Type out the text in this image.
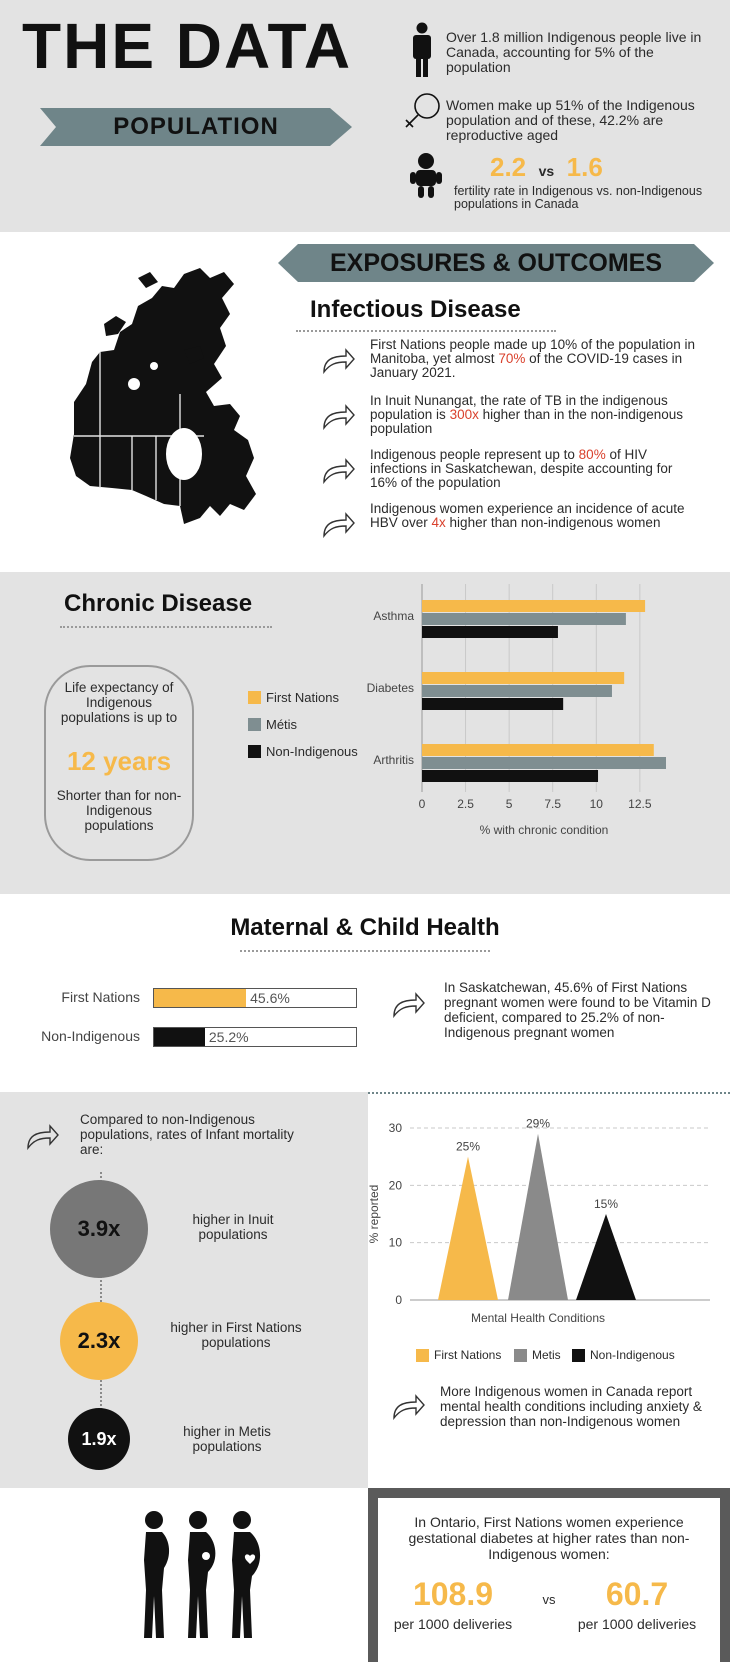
THE DATA
POPULATION
Over 1.8 million Indigenous people live in Canada, accounting for 5% of the population
Women make up 51% of the Indigenous population and of these, 42.2% are reproductive aged
2.2 vs 1.6
fertility rate in Indigenous vs. non-Indigenous populations in Canada
EXPOSURES & OUTCOMES
Infectious Disease
First Nations people made up 10% of the population in Manitoba, yet almost 70% of the COVID-19 cases in January 2021.
In Inuit Nunangat, the rate of TB in the indigenous population is 300x higher than in the non-indigenous population
Indigenous people represent up to 80% of HIV infections in Saskatchewan, despite accounting for 16% of the population
Indigenous women experience an incidence of acute HBV over 4x higher than non-indigenous women
Chronic Disease
Life expectancy of Indigenous populations is up to
12 years
Shorter than for non-Indigenous populations
First Nations
Métis
Non-Indigenous
0	2.5	5	7.5 10 12.5
Asthma
Diabetes
Arthritis
% with chronic condition
Maternal & Child Health
First Nations	45.6%
Non-Indigenous	25.2%
In Saskatchewan, 45.6% of First Nations pregnant women were found to be Vitamin D deficient, compared to 25.2% of non-Indigenous pregnant women
Compared to non-Indigenous populations, rates of Infant mortality are:
3.9x	higher in Inuit populations
2.3x
higher in First Nations populations
1.9x	higher in Metis populations
0
10
20
30
% reported
25%
29%
15%
Mental Health Conditions
First Nations	Metis Non-Indigenous
More Indigenous women in Canada report mental health conditions including anxiety & depression than non-Indigenous women
In Ontario, First Nations women experience gestational diabetes at higher rates than non-Indigenous women:
108.9
per 1000 deliveries
vs	60.7
per 1000 deliveries
